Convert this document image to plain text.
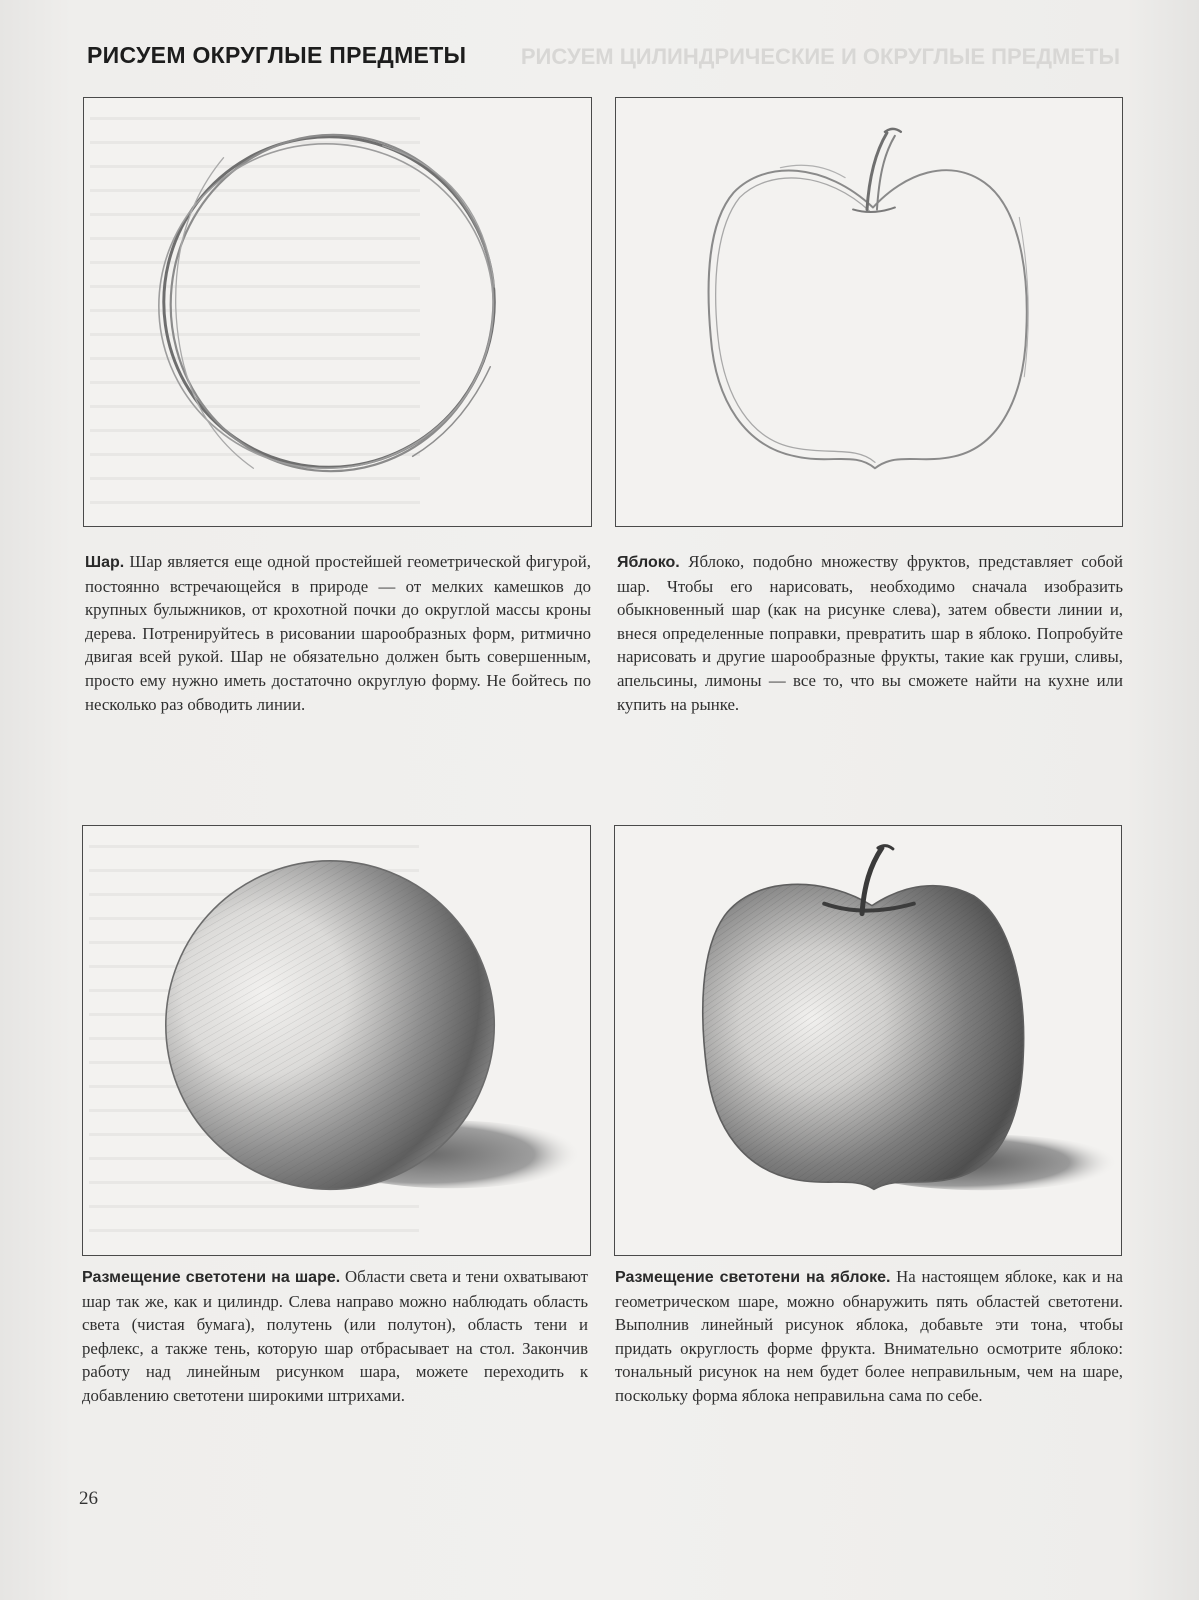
РИСУЕМ ЦИЛИНДРИЧЕСКИЕ И ОКРУГЛЫЕ ПРЕДМЕТЫ
РИСУЕМ ОКРУГЛЫЕ ПРЕДМЕТЫ

Шар. Шар является еще одной простейшей геометрической фигурой, постоянно встречающейся в природе — от мелких камешков до крупных булыжников, от крохотной почки до округлой массы кроны дерева. Потренируйтесь в рисовании шарообразных форм, ритмично двигая всей рукой. Шар не обязательно должен быть совершенным, просто ему нужно иметь достаточно округлую форму. Не бойтесь по несколько раз обводить линии.

Яблоко. Яблоко, подобно множеству фруктов, представляет собой шар. Чтобы его нарисовать, необходимо сначала изобразить обыкновенный шар (как на рисунке слева), затем обвести линии и, внеся определенные поправки, превратить шар в яблоко. Попробуйте нарисовать и другие шарообразные фрукты, такие как груши, сливы, апельсины, лимоны — все то, что вы сможете найти на кухне или купить на рынке.

Размещение светотени на шаре. Области света и тени охватывают шар так же, как и цилиндр. Слева направо можно наблюдать область света (чистая бумага), полутень (или полутон), область тени и рефлекс, а также тень, которую шар отбрасывает на стол. Закончив работу над линейным рисунком шара, можете переходить к добавлению светотени широкими штрихами.

Размещение светотени на яблоке. На настоящем яблоке, как и на геометрическом шаре, можно обнаружить пять областей светотени. Выполнив линейный рисунок яблока, добавьте эти тона, чтобы придать округлость форме фрукта. Внимательно осмотрите яблоко: тональный рисунок на нем будет более неправильным, чем на шаре, поскольку форма яблока неправильна сама по себе.

26
